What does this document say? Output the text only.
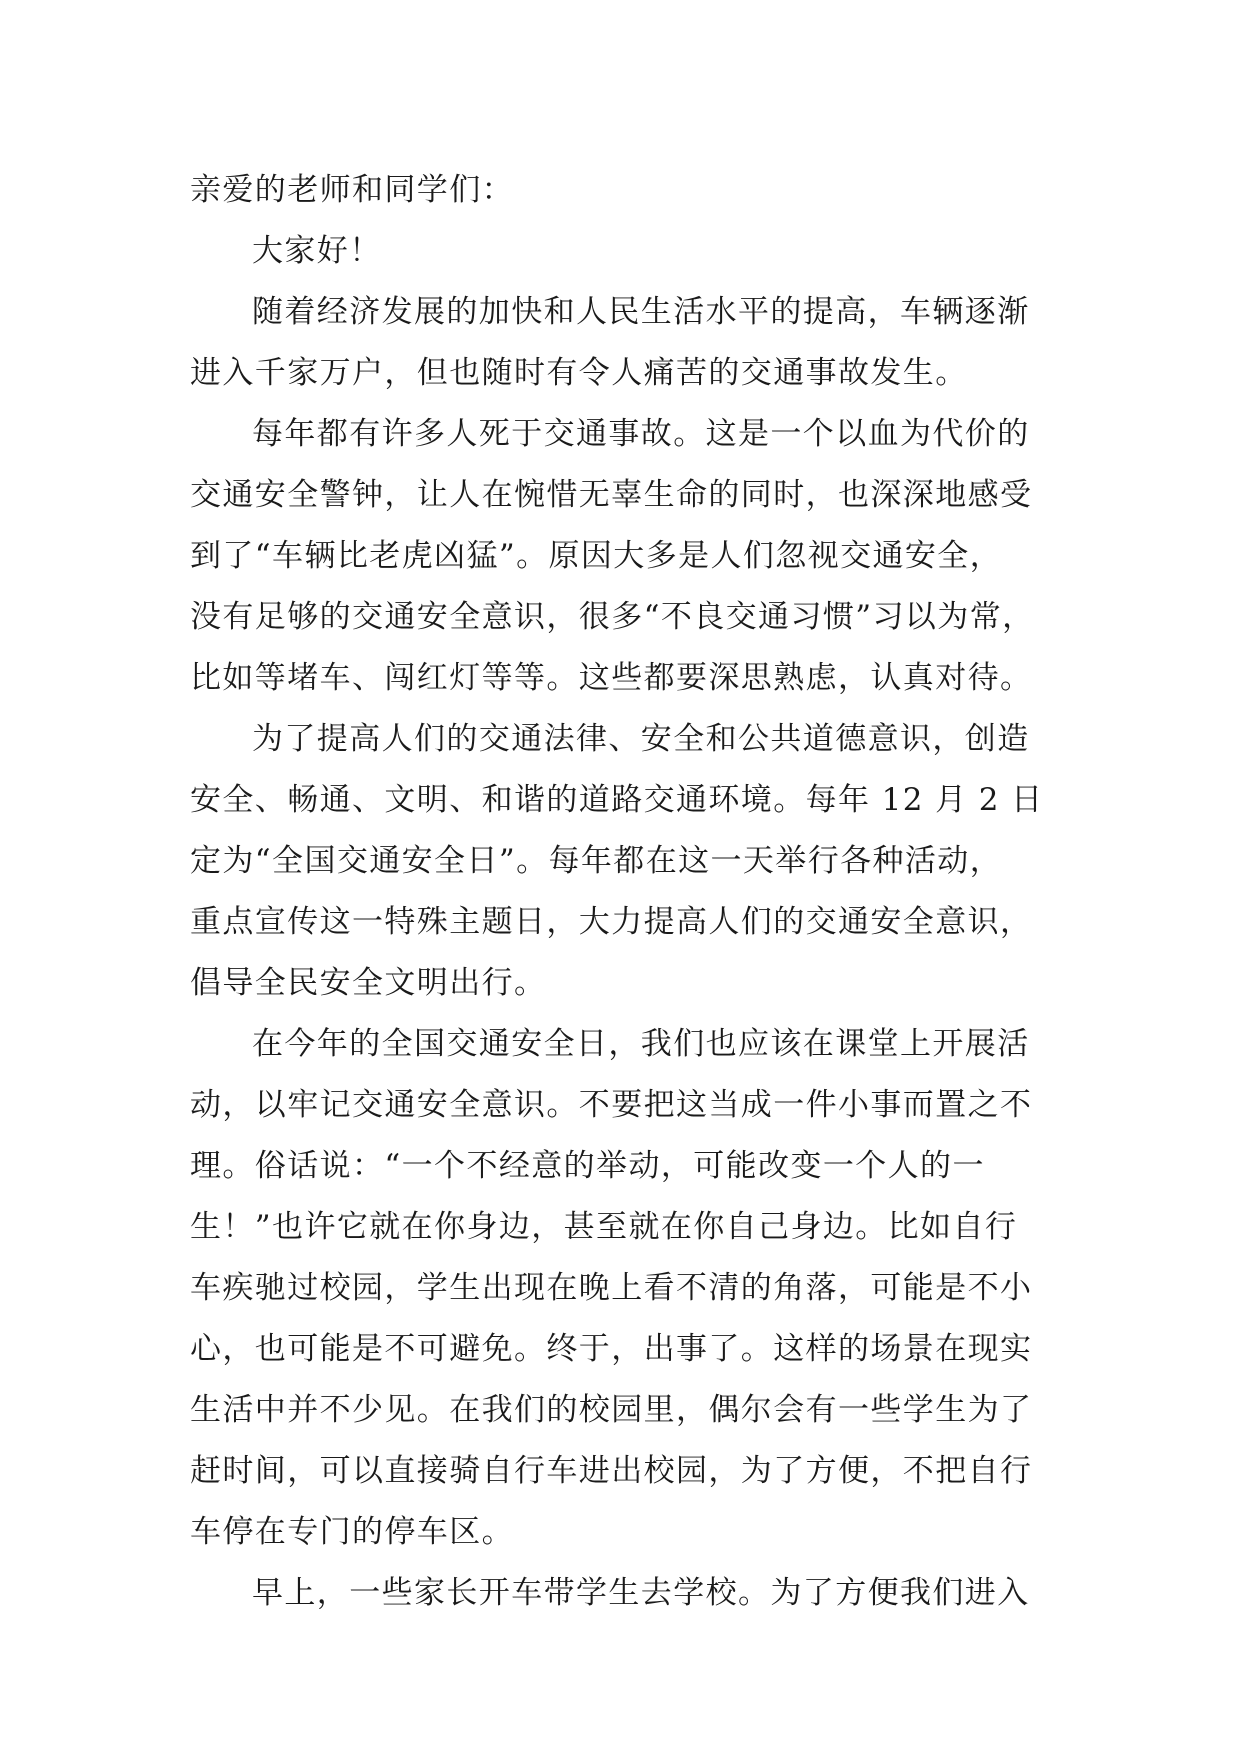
亲爱的老师和同学们：
大家好！
随着经济发展的加快和人民生活水平的提高，车辆逐渐
进入千家万户，但也随时有令人痛苦的交通事故发生。
每年都有许多人死于交通事故。这是一个以血为代价的
交通安全警钟，让人在惋惜无辜生命的同时，也深深地感受
到了“车辆比老虎凶猛”。原因大多是人们忽视交通安全，
没有足够的交通安全意识，很多“不良交通习惯”习以为常，
比如等堵车、闯红灯等等。这些都要深思熟虑，认真对待。
为了提高人们的交通法律、安全和公共道德意识，创造
安全、畅通、文明、和谐的道路交通环境。每年 12 月 2 日
定为“全国交通安全日”。每年都在这一天举行各种活动，
重点宣传这一特殊主题日，大力提高人们的交通安全意识，
倡导全民安全文明出行。
在今年的全国交通安全日，我们也应该在课堂上开展活
动，以牢记交通安全意识。不要把这当成一件小事而置之不
理。俗话说：“一个不经意的举动，可能改变一个人的一
生！”也许它就在你身边，甚至就在你自己身边。比如自行
车疾驰过校园，学生出现在晚上看不清的角落，可能是不小
心，也可能是不可避免。终于，出事了。这样的场景在现实
生活中并不少见。在我们的校园里，偶尔会有一些学生为了
赶时间，可以直接骑自行车进出校园，为了方便，不把自行
车停在专门的停车区。
早上，一些家长开车带学生去学校。为了方便我们进入
